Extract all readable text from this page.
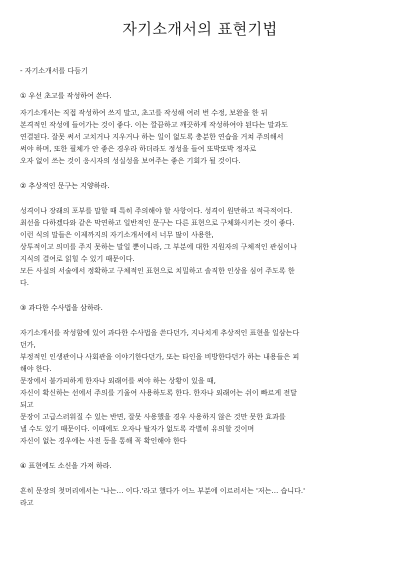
자기소개서의 표현기법

- 자기소개서를 다듬기

① 우선 초고를 작성하여 쓴다.

자기소개서는 직접 작성하여 쓰지 말고, 초고를 작성해 여러 번 수정, 보완을 한 뒤

본격적인 작성에 들어가는 것이 좋다. 이는 깔끔하고 깨끗하게 작성하여야 된다는 말과도

연결된다. 잘못 써서 고치거나 지우거나 하는 일이 없도록 충분한 연습을 거쳐 주의해서

써야 하며, 또한 필체가 안 좋은 경우라 하더라도 정성을 들여 또박또박 정자로

오자 없이 쓰는 것이 응시자의 성실성을 보여주는 좋은 기회가 될 것이다.

② 추상적인 문구는 지양하라.

성격이나 장래의 포부를 말할 때 특히 주의해야 할 사항이다. 성격이 원만하고 적극적이다.

최선을 다하겠다와 같은 막연하고 일반적인 문구는 다른 표현으로 구체화시키는 것이 좋다.

이런 식의 말들은 이제까지의 자기소개서에서 너무 많이 사용한,

상투적이고 의미를 주지 못하는 말일 뿐이니라, 그 부분에 대한 지원자의 구체적인 관심이나

지식의 결여로 읽힐 수 있기 때문이다.

모든 사실의 서술에서 정확하고 구체적인 표현으로 치밀하고 솔직한 인상을 심어 주도록 한

다.

③ 과다한 수사법을 삼하라.

자기소개서를 작성함에 있어 과다한 수사법을 쓴다던가, 지나치게 추상적인 표현을 일삼는다

던가,

부정적인 인생관이나 사회관을 이야기한다던가, 또는 타인을 비방한다던가 하는 내용들은 피

해야 한다.

문장에서 불가피하게 한자나 외래어를 써야 하는 상황이 있을 때,

자신이 확신하는 선에서 주의를 기울여 사용하도록 한다. 한자나 외래어는 쉬이 빠르게 전달

되고

문장이 고급스러워질 수 있는 반면, 잘못 사용했을 경우 사용하지 않은 것만 못한 효과를

낼 수도 있기 때문이다. 이때에도 오자나 탈자가 없도록 각별히 유의할 것이며

자신이 없는 경우에는 사전 등을 통해 꼭 확인해야 한다

④ 표현에도 소신을 가져 하라.

흔히 문장의 첫머리에서는 '나는… 이다.'라고 했다가 어느 부분에 이르러서는 '저는… 습니다.'

라고
